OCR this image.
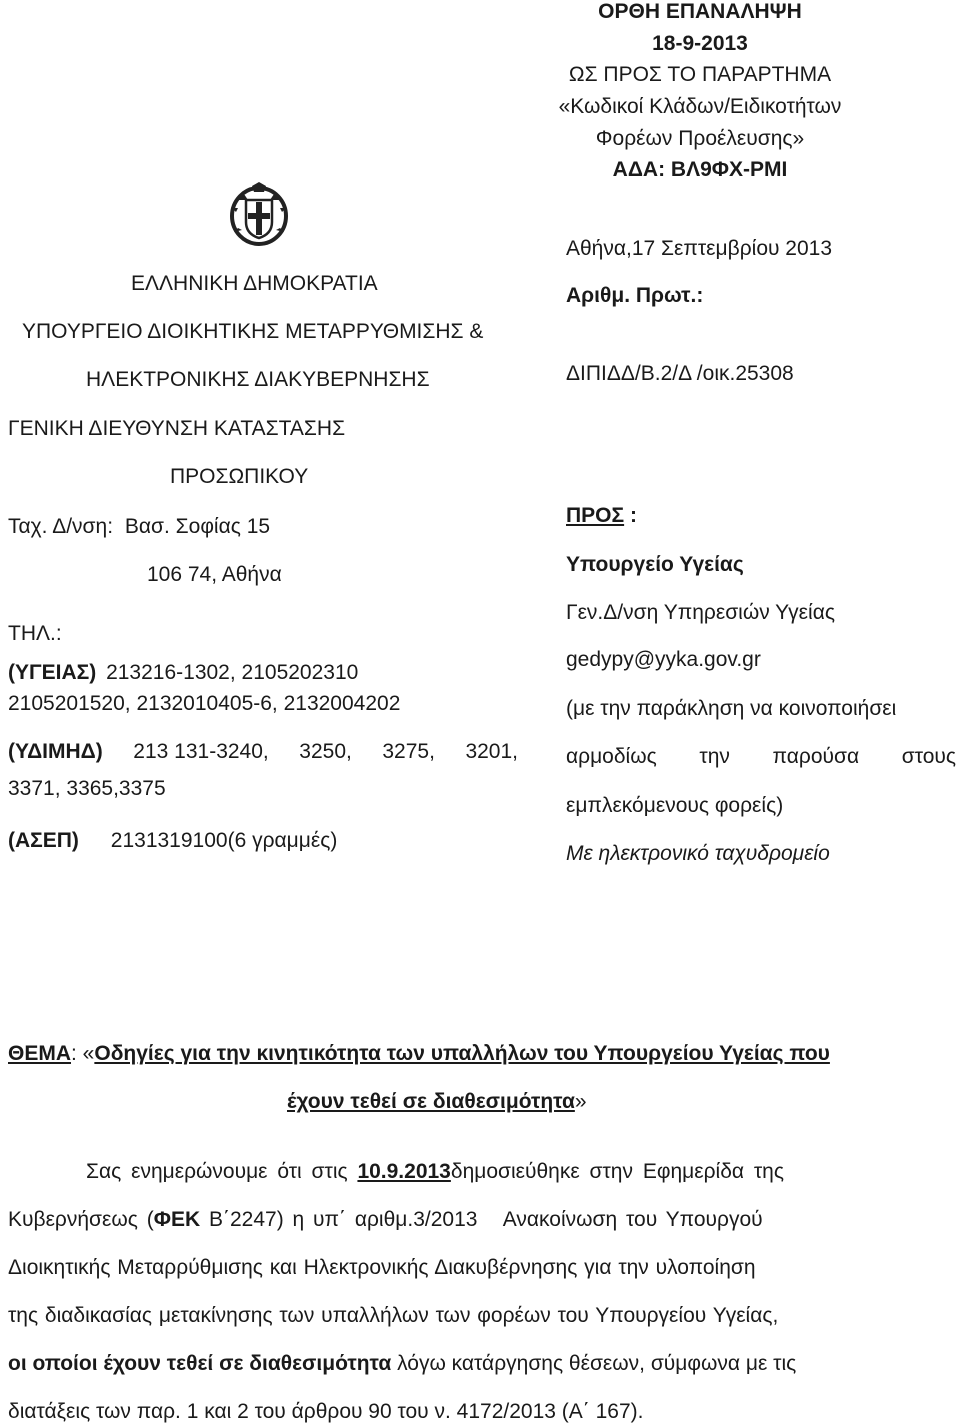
ΟΡΘΗ ΕΠΑΝΑΛΗΨΗ
18-9-2013
ΩΣ ΠΡΟΣ ΤΟ ΠΑΡΑΡΤΗΜΑ
«Κωδικοί Κλάδων/Ειδικοτήτων
Φορέων Προέλευσης»
ΑΔΑ: ΒΛ9ΦΧ-ΡΜΙ
ΕΛΛΗΝΙΚΗ ΔΗΜΟΚΡΑΤΙΑ
ΥΠΟΥΡΓΕΙΟ ΔΙΟΙΚΗΤΙΚΗΣ ΜΕΤΑΡΡΥΘΜΙΣΗΣ &
ΗΛΕΚΤΡΟΝΙΚΗΣ ΔΙΑΚΥΒΕΡΝΗΣΗΣ
ΓΕΝΙΚΗ ΔΙΕΥΘΥΝΣΗ ΚΑΤΑΣΤΑΣΗΣ
ΠΡΟΣΩΠΙΚΟΥ
Ταχ. Δ/νση: Βασ. Σοφίας 15
106 74, Αθήνα
ΤΗΛ.:
(ΥΓΕΙΑΣ) 213216-1302, 2105202310
2105201520, 2132010405-6, 2132004202
(ΥΔΙΜΗΔ) 213 131-3240, 3250, 3275, 3201,
3371, 3365,3375
(ΑΣΕΠ) 2131319100(6 γραμμές)
Αθήνα,17 Σεπτεμβρίου 2013
Αριθμ. Πρωτ.:
ΔΙΠΙΔΔ/Β.2/Δ /οικ.25308
ΠΡΟΣ :
Υπουργείο Υγείας
Γεν.Δ/νση Υπηρεσιών Υγείας
gedypy@yyka.gov.gr
(με την παράκληση να κοινοποιήσει
αρμοδίως την παρούσα στους
εμπλεκόμενους φορείς)
Με ηλεκτρονικό ταχυδρομείο
ΘΕΜΑ: «Οδηγίες για την κινητικότητα των υπαλλήλων του Υπουργείου Υγείας που
έχουν τεθεί σε διαθεσιμότητα»
Σας ενημερώνουμε ότι στις 10.9.2013δημοσιεύθηκε στην Εφημερίδα της
Κυβερνήσεως (ΦΕΚ Β΄2247) η υπ΄ αριθμ.3/2013   Ανακοίνωση του Υπουργού
Διοικητικής Μεταρρύθμισης και Ηλεκτρονικής Διακυβέρνησης για την υλοποίηση
της διαδικασίας μετακίνησης των υπαλλήλων των φορέων του Υπουργείου Υγείας,
οι οποίοι έχουν τεθεί σε διαθεσιμότητα λόγω κατάργησης θέσεων, σύμφωνα με τις
διατάξεις των παρ. 1 και 2 του άρθρου 90 του ν. 4172/2013 (Α΄ 167).
